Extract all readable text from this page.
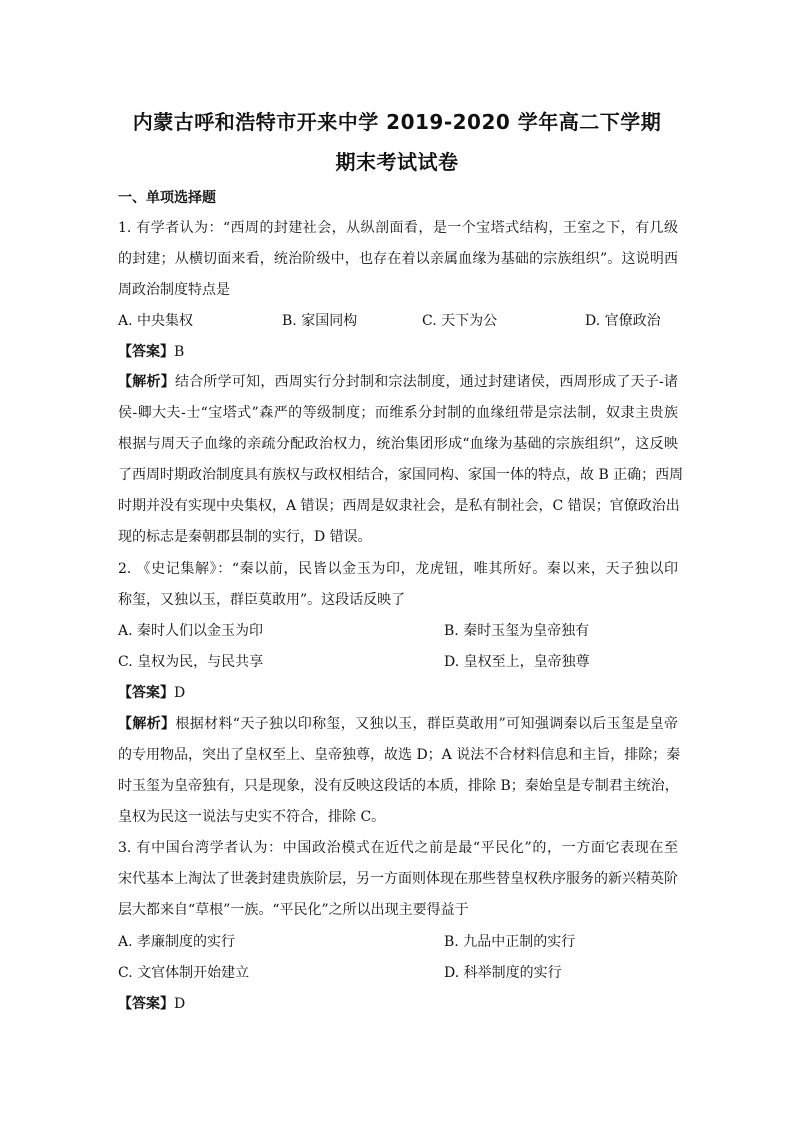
内蒙古呼和浩特市开来中学 2019-2020 学年高二下学期
期末考试试卷
一、单项选择题
1. 有学者认为：“西周的封建社会，从纵剖面看，是一个宝塔式结构，王室之下，有几级
的封建；从横切面来看，统治阶级中，也存在着以亲属血缘为基础的宗族组织”。这说明西
周政治制度特点是
A. 中央集权	B. 家国同构	C. 天下为公	D. 官僚政治
【答案】B
【解析】结合所学可知，西周实行分封制和宗法制度，通过封建诸侯，西周形成了天子-诸
侯-卿大夫-士“宝塔式”森严的等级制度；而维系分封制的血缘纽带是宗法制，奴隶主贵族
根据与周天子血缘的亲疏分配政治权力，统治集团形成“血缘为基础的宗族组织”，这反映
了西周时期政治制度具有族权与政权相结合，家国同构、家国一体的特点，故 B 正确；西周
时期并没有实现中央集权，A 错误；西周是奴隶社会，是私有制社会，C 错误；官僚政治出
现的标志是秦朝郡县制的实行，D 错误。
2. 《史记集解》：“秦以前，民皆以金玉为印，龙虎钮，唯其所好。秦以来，天子独以印
称玺，又独以玉，群臣莫敢用”。这段话反映了
A. 秦时人们以金玉为印	B. 秦时玉玺为皇帝独有
C. 皇权为民，与民共享	D. 皇权至上，皇帝独尊
【答案】D
【解析】根据材料“天子独以印称玺，又独以玉，群臣莫敢用”可知强调秦以后玉玺是皇帝
的专用物品，突出了皇权至上、皇帝独尊，故选 D；A 说法不合材料信息和主旨，排除；秦
时玉玺为皇帝独有，只是现象，没有反映这段话的本质，排除 B；秦始皇是专制君主统治，
皇权为民这一说法与史实不符合，排除 C。
3. 有中国台湾学者认为：中国政治模式在近代之前是最“平民化”的，一方面它表现在至
宋代基本上淘汰了世袭封建贵族阶层，另一方面则体现在那些替皇权秩序服务的新兴精英阶
层大都来自“草根”一族。“平民化”之所以出现主要得益于
A. 孝廉制度的实行	B. 九品中正制的实行
C. 文官体制开始建立	D. 科举制度的实行
【答案】D
